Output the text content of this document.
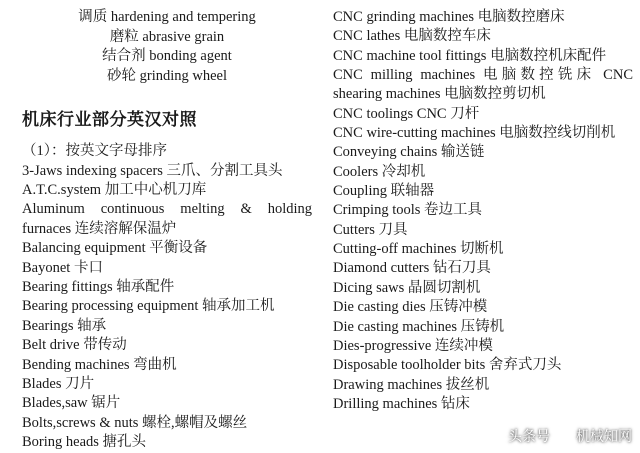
调质 hardening and tempering
磨粒 abrasive grain
结合剂 bonding agent
砂轮 grinding wheel
机床行业部分英汉对照
（1）：按英文字母排序
3-Jaws indexing spacers 三爪、分割工具头
A.T.C.system 加工中心机刀库
Aluminum continuous melting & holding furnaces 连续溶解保温炉
Balancing equipment 平衡设备
Bayonet 卡口
Bearing fittings 轴承配件
Bearing processing equipment 轴承加工机
Bearings 轴承
Belt drive 带传动
Bending machines 弯曲机
Blades 刀片
Blades,saw 锯片
Bolts,screws & nuts 螺栓,螺帽及螺丝
Boring heads 搪孔头
CNC grinding machines 电脑数控磨床
CNC lathes 电脑数控车床
CNC machine tool fittings 电脑数控机床配件
CNC milling machines 电脑数控铣床 CNC shearing machines 电脑数控剪切机
CNC toolings CNC 刀杆
CNC wire-cutting machines 电脑数控线切削机
Conveying chains 输送链
Coolers 冷却机
Coupling 联轴器
Crimping tools 卷边工具
Cutters 刀具
Cutting-off machines 切断机
Diamond cutters 钻石刀具
Dicing saws 晶圆切割机
Die casting dies 压铸冲模
Die casting machines 压铸机
Dies-progressive 连续冲模
Disposable toolholder bits 舍弃式刀头
Drawing machines 拔丝机
Drilling machines 钻床
头条号 机械知网
